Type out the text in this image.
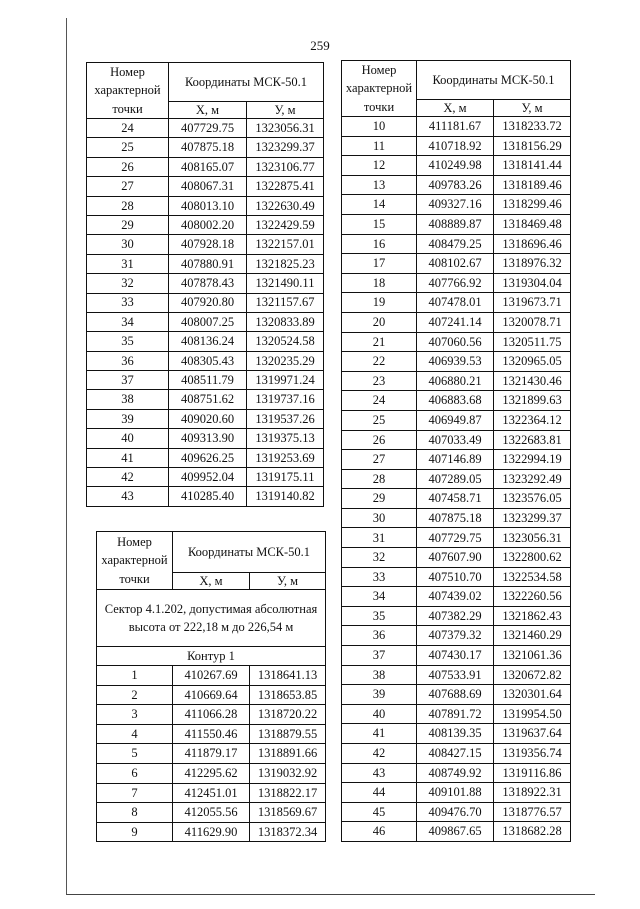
259
Номер характерной точки	Координаты МСК-50.1	
	Х, м	У, м
24	407729.75	1323056.31
25	407875.18	1323299.37
26	408165.07	1323106.77
27	408067.31	1322875.41
28	408013.10	1322630.49
29	408002.20	1322429.59
30	407928.18	1322157.01
31	407880.91	1321825.23
32	407878.43	1321490.11
33	407920.80	1321157.67
34	408007.25	1320833.89
35	408136.24	1320524.58
36	408305.43	1320235.29
37	408511.79	1319971.24
38	408751.62	1319737.16
39	409020.60	1319537.26
40	409313.90	1319375.13
41	409626.25	1319253.69
42	409952.04	1319175.11
43	410285.40	1319140.82
Номер характерной точки	Координаты МСК-50.1	
	Х, м	У, м
10	411181.67	1318233.72
11	410718.92	1318156.29
12	410249.98	1318141.44
13	409783.26	1318189.46
14	409327.16	1318299.46
15	408889.87	1318469.48
16	408479.25	1318696.46
17	408102.67	1318976.32
18	407766.92	1319304.04
19	407478.01	1319673.71
20	407241.14	1320078.71
21	407060.56	1320511.75
22	406939.53	1320965.05
23	406880.21	1321430.46
24	406883.68	1321899.63
25	406949.87	1322364.12
26	407033.49	1322683.81
27	407146.89	1322994.19
28	407289.05	1323292.49
29	407458.71	1323576.05
30	407875.18	1323299.37
31	407729.75	1323056.31
32	407607.90	1322800.62
33	407510.70	1322534.58
34	407439.02	1322260.56
35	407382.29	1321862.43
36	407379.32	1321460.29
37	407430.17	1321061.36
38	407533.91	1320672.82
39	407688.69	1320301.64
40	407891.72	1319954.50
41	408139.35	1319637.64
42	408427.15	1319356.74
43	408749.92	1319116.86
44	409101.88	1318922.31
45	409476.70	1318776.57
46	409867.65	1318682.28
Номер характерной точки	Координаты МСК-50.1	
	Х, м	У, м
Сектор 4.1.202, допустимая абсолютная высота от 222,18 м до 226,54 м		
Контур 1		
1	410267.69	1318641.13
2	410669.64	1318653.85
3	411066.28	1318720.22
4	411550.46	1318879.55
5	411879.17	1318891.66
6	412295.62	1319032.92
7	412451.01	1318822.17
8	412055.56	1318569.67
9	411629.90	1318372.34
